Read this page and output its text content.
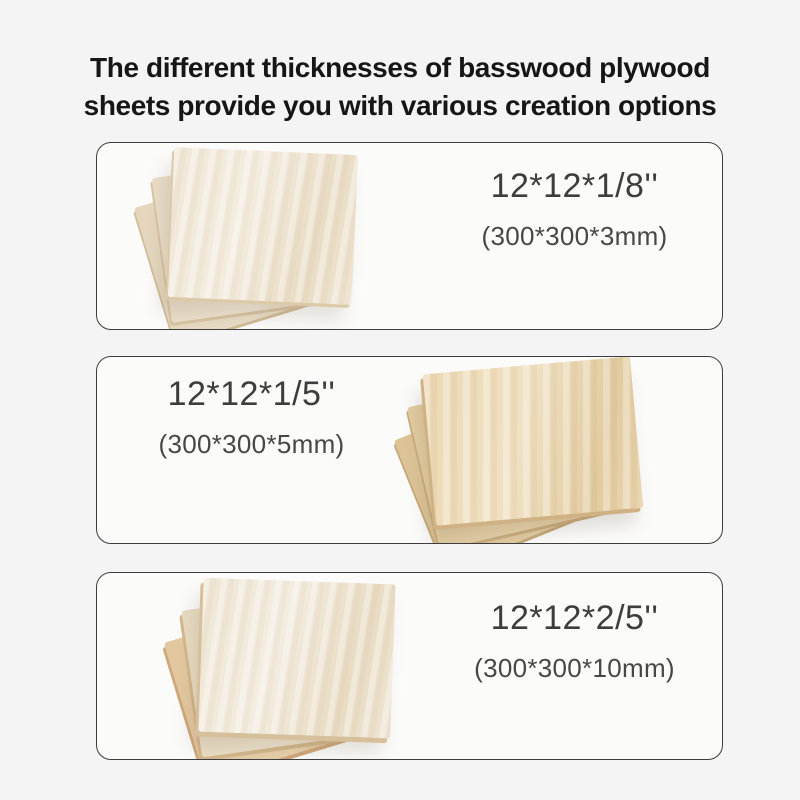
The different thicknesses of basswood plywood
sheets provide you with various creation options
12*12*1/8''
(300*300*3mm)
12*12*1/5''
(300*300*5mm)
12*12*2/5''
(300*300*10mm)
